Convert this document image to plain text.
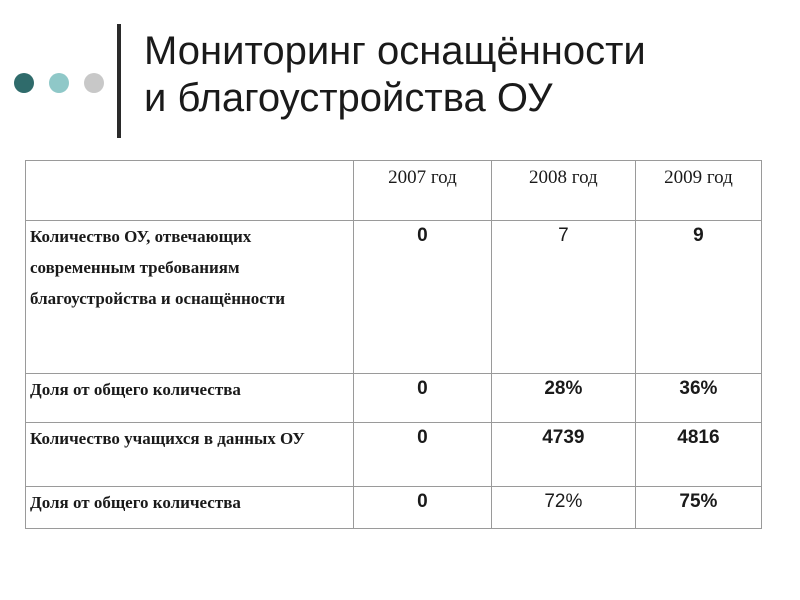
Мониторинг оснащённости
и благоустройства ОУ

	2007 год	2008 год	2009 год

Количество ОУ, отвечающих современным требованиям благоустройства и оснащённости	0	7	9
Доля от общего количества	0	28%	36%
Количество учащихся в данных ОУ	0	4739	4816
Доля от общего количества	0	72%	75%
